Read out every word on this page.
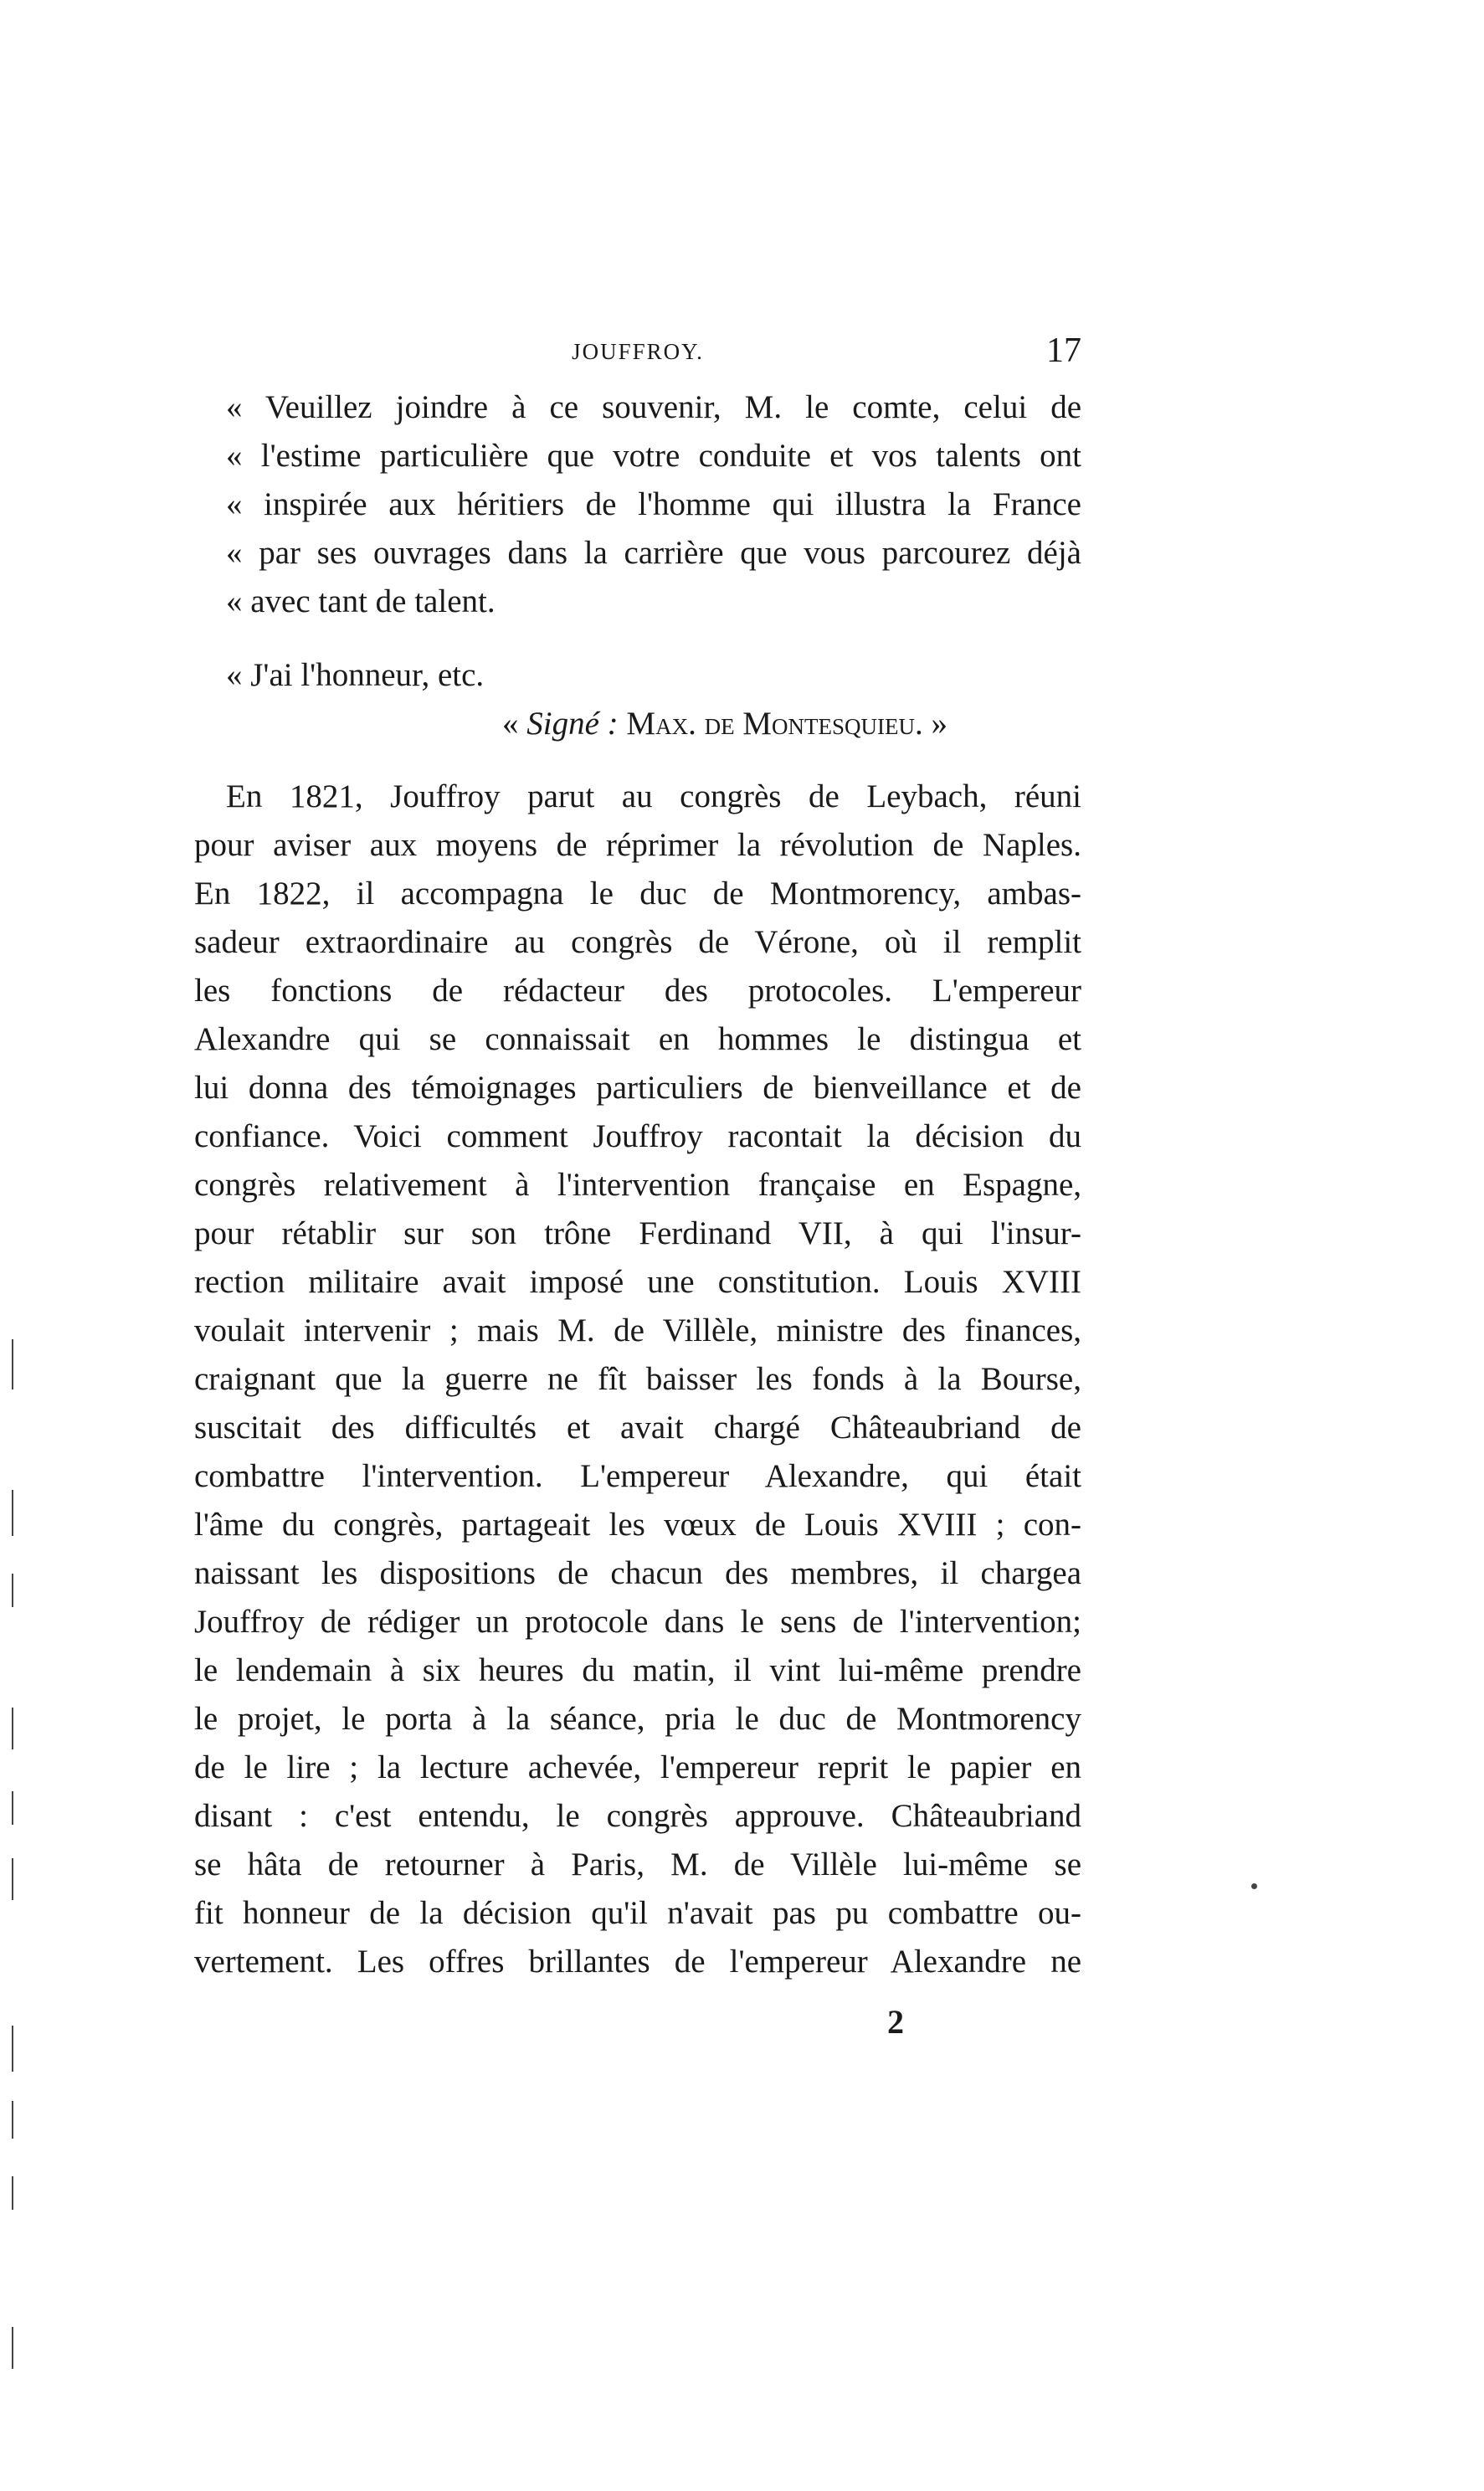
JOUFFROY.	17
« Veuillez joindre à ce souvenir, M. le comte, celui de
« l'estime particulière que votre conduite et vos talents ont
« inspirée aux héritiers de l'homme qui illustra la France
« par ses ouvrages dans la carrière que vous parcourez déjà
« avec tant de talent.
« J'ai l'honneur, etc.
« Signé : Max. de Montesquieu. »
En 1821, Jouffroy parut au congrès de Leybach, réuni
pour aviser aux moyens de réprimer la révolution de Naples.
En 1822, il accompagna le duc de Montmorency, ambas-
sadeur extraordinaire au congrès de Vérone, où il remplit
les fonctions de rédacteur des protocoles. L'empereur
Alexandre qui se connaissait en hommes le distingua et
lui donna des témoignages particuliers de bienveillance et de
confiance. Voici comment Jouffroy racontait la décision du
congrès relativement à l'intervention française en Espagne,
pour rétablir sur son trône Ferdinand VII, à qui l'insur-
rection militaire avait imposé une constitution. Louis XVIII
voulait intervenir ; mais M. de Villèle, ministre des finances,
craignant que la guerre ne fît baisser les fonds à la Bourse,
suscitait des difficultés et avait chargé Châteaubriand de
combattre l'intervention. L'empereur Alexandre, qui était
l'âme du congrès, partageait les vœux de Louis XVIII ; con-
naissant les dispositions de chacun des membres, il chargea
Jouffroy de rédiger un protocole dans le sens de l'intervention;
le lendemain à six heures du matin, il vint lui-même prendre
le projet, le porta à la séance, pria le duc de Montmorency
de le lire ; la lecture achevée, l'empereur reprit le papier en
disant : c'est entendu, le congrès approuve. Châteaubriand
se hâta de retourner à Paris, M. de Villèle lui-même se
fit honneur de la décision qu'il n'avait pas pu combattre ou-
vertement. Les offres brillantes de l'empereur Alexandre ne
2
